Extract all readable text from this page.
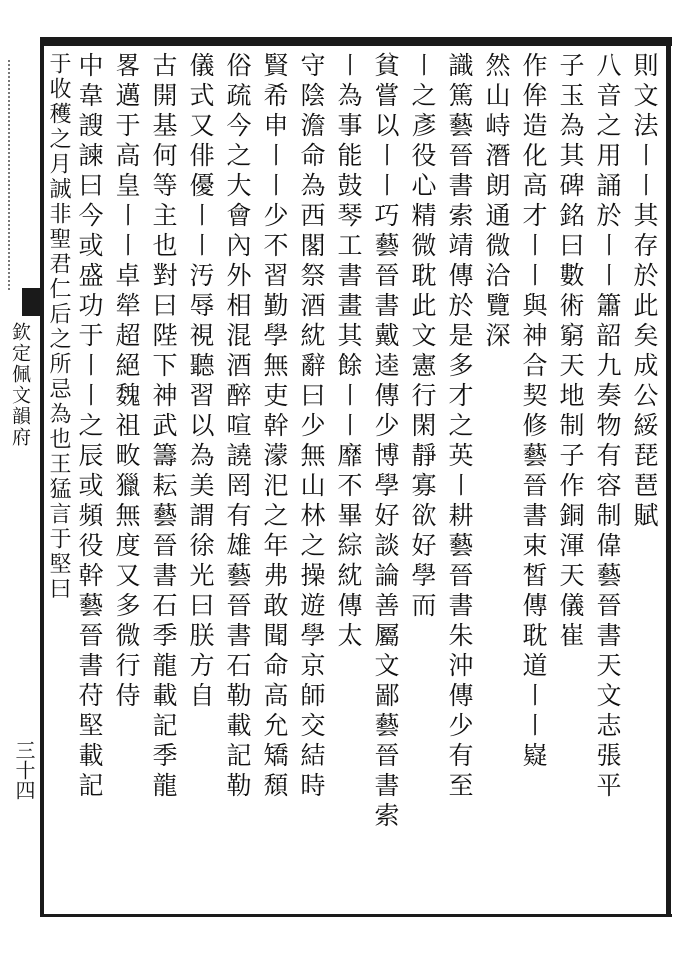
則文法〡〡其存於此矣成公綏琵琶賦
八音之用誦於〡〡簫韶九奏物有容制偉藝晉書天文志張平
子玉為其碑銘曰數術窮天地制子作銅渾天儀崔
作侔造化高才〡〡與神合契修藝晉書束皙傳耽道〡〡嶷
然山峙潛朗通微洽覽深
識篤藝晉書索靖傳於是多才之英〡耕藝晉書朱沖傳少有至
〡之彥役心精微耽此文憲行閑靜寡欲好學而
貧嘗以〡〡巧藝晉書戴逵傳少博學好談論善屬文鄙藝晉書索
〡為事能鼓琴工書畫其餘〡〡靡不畢綜紞傳太
守陰澹命為西閣祭酒紞辭曰少無山林之操遊學京師交結時
賢希申〡〡少不習勤學無吏幹濛汜之年弗敢聞命高允矯頹
俗疏今之大會內外相混酒醉喧譊罔有雄藝晉書石勒載記勒
儀式又俳優〡〡汚辱視聽習以為美謂徐光曰朕方自
古開基何等主也對曰陛下神武籌耘藝晉書石季龍載記季龍
畧邁于高皇〡〡卓犖超絕魏祖畋獵無度又多微行侍
中韋謏諫曰今或盛功于〡〡之辰或頻役幹藝晉書苻堅載記
于收穫之月誠非聖君仁后之所忌為也王猛言于堅曰
欽定佩文韻府
三十四
